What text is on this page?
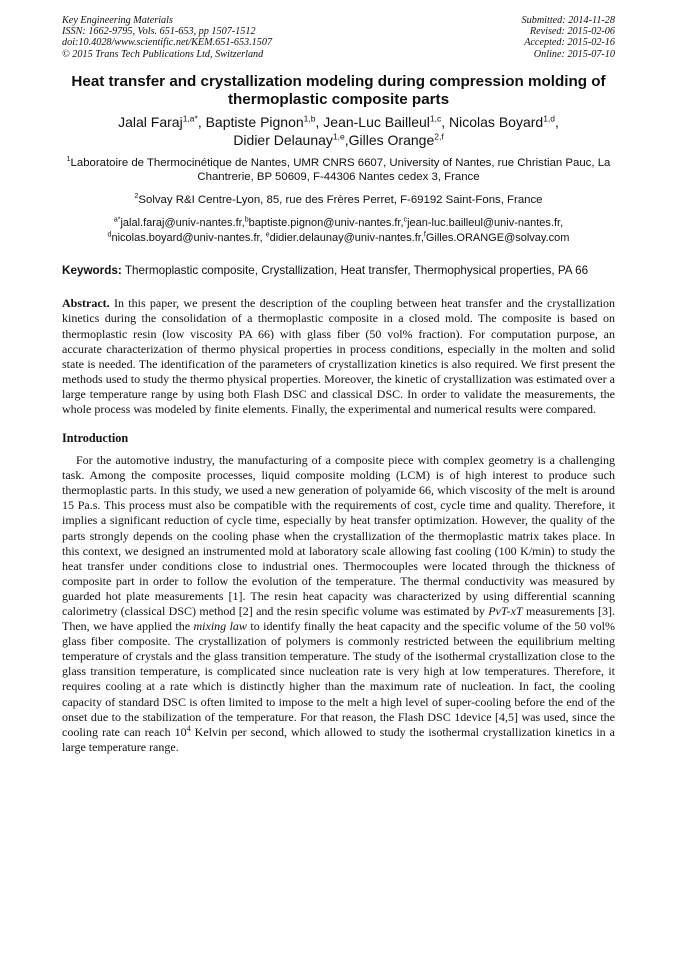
Key Engineering Materials
ISSN: 1662-9795, Vols. 651-653, pp 1507-1512
doi:10.4028/www.scientific.net/KEM.651-653.1507
© 2015 Trans Tech Publications Ltd, Switzerland
Submitted: 2014-11-28
Revised: 2015-02-06
Accepted: 2015-02-16
Online: 2015-07-10
Heat transfer and crystallization modeling during compression molding of thermoplastic composite parts
Jalal Faraj$^{1,a*}$, Baptiste Pignon$^{1,b}$, Jean-Luc Bailleul$^{1,c}$, Nicolas Boyard$^{1,d}$,
Didier Delaunay$^{1,e}$,Gilles Orange$^{2,f}$
$^1$Laboratoire de Thermocinétique de Nantes, UMR CNRS 6607, University of Nantes, rue Christian Pauc, La Chantrerie, BP 50609, F-44306 Nantes cedex 3, France
$^2$Solvay R&I Centre-Lyon, 85, rue des Frères Perret, F-69192 Saint-Fons, France
$^{a*}$jalal.faraj@univ-nantes.fr,$^b$baptiste.pignon@univ-nantes.fr,$^c$jean-luc.bailleul@univ-nantes.fr,
$^d$nicolas.boyard@univ-nantes.fr, $^e$didier.delaunay@univ-nantes.fr,$^f$Gilles.ORANGE@solvay.com
Keywords: Thermoplastic composite, Crystallization, Heat transfer, Thermophysical properties, PA 66
Abstract. In this paper, we present the description of the coupling between heat transfer and the crystallization kinetics during the consolidation of a thermoplastic composite in a closed mold. The composite is based on thermoplastic resin (low viscosity PA 66) with glass fiber (50 vol% fraction). For computation purpose, an accurate characterization of thermo physical properties in process conditions, especially in the molten and solid state is needed. The identification of the parameters of crystallization kinetics is also required. We first present the methods used to study the thermo physical properties. Moreover, the kinetic of crystallization was estimated over a large temperature range by using both Flash DSC and classical DSC. In order to validate the measurements, the whole process was modeled by finite elements. Finally, the experimental and numerical results were compared.
Introduction
For the automotive industry, the manufacturing of a composite piece with complex geometry is a challenging task. Among the composite processes, liquid composite molding (LCM) is of high interest to produce such thermoplastic parts. In this study, we used a new generation of polyamide 66, which viscosity of the melt is around 15 Pa.s. This process must also be compatible with the requirements of cost, cycle time and quality. Therefore, it implies a significant reduction of cycle time, especially by heat transfer optimization. However, the quality of the parts strongly depends on the cooling phase when the crystallization of the thermoplastic matrix takes place. In this context, we designed an instrumented mold at laboratory scale allowing fast cooling (100 K/min) to study the heat transfer under conditions close to industrial ones. Thermocouples were located through the thickness of composite part in order to follow the evolution of the temperature. The thermal conductivity was measured by guarded hot plate measurements [1]. The resin heat capacity was characterized by using differential scanning calorimetry (classical DSC) method [2] and the resin specific volume was estimated by PvT-xT measurements [3]. Then, we have applied the mixing law to identify finally the heat capacity and the specific volume of the 50 vol% glass fiber composite. The crystallization of polymers is commonly restricted between the equilibrium melting temperature of crystals and the glass transition temperature. The study of the isothermal crystallization close to the glass transition temperature, is complicated since nucleation rate is very high at low temperatures. Therefore, it requires cooling at a rate which is distinctly higher than the maximum rate of nucleation. In fact, the cooling capacity of standard DSC is often limited to impose to the melt a high level of super-cooling before the end of the onset due to the stabilization of the temperature. For that reason, the Flash DSC 1device [4,5] was used, since the cooling rate can reach $10^4$ Kelvin per second, which allowed to study the isothermal crystallization kinetics in a large temperature range.
